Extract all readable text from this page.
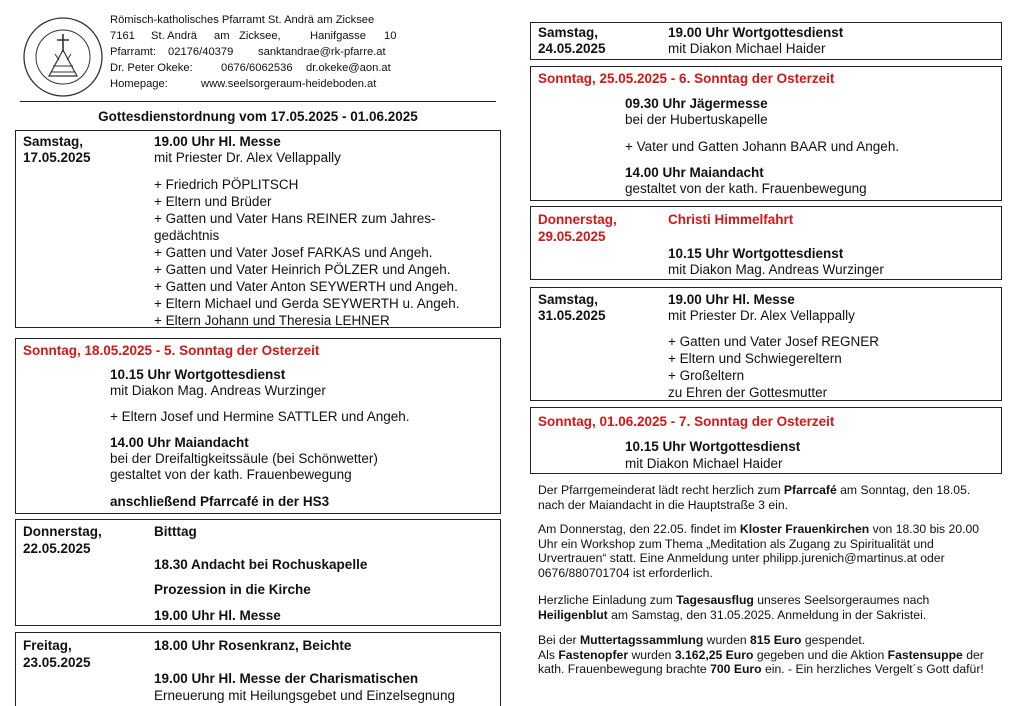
Römisch-katholisches Pfarramt St. Andrä am Zicksee
7161 St. Andrä am Zicksee,	Hanifgasse 10
Pfarramt: 02176/40379 sanktandrae@rk-pfarre.at
Dr. Peter Okeke:	0676/6062536 dr.okeke@aon.at
Homepage:	www.seelsorgeraum-heideboden.at
Gottesdienstordnung vom 17.05.2025 - 01.06.2025
Samstag,
17.05.2025
19.00 Uhr Hl. Messe
mit Priester Dr. Alex Vellappally
+ Friedrich PÖPLITSCH
+ Eltern und Brüder
+ Gatten und Vater Hans REINER zum Jahres-
gedächtnis
+ Gatten und Vater Josef FARKAS und Angeh.
+ Gatten und Vater Heinrich PÖLZER und Angeh.
+ Gatten und Vater Anton SEYWERTH und Angeh.
+ Eltern Michael und Gerda SEYWERTH u. Angeh.
+ Eltern Johann und Theresia LEHNER
Sonntag, 18.05.2025 - 5. Sonntag der Osterzeit
10.15 Uhr Wortgottesdienst
mit Diakon Mag. Andreas Wurzinger
+ Eltern Josef und Hermine SATTLER und Angeh.
14.00 Uhr Maiandacht
bei der Dreifaltigkeitssäule (bei Schönwetter)
gestaltet von der kath. Frauenbewegung
anschließend Pfarrcafé in der HS3
Donnerstag,
22.05.2025
Bitttag
18.30 Andacht bei Rochuskapelle
Prozession in die Kirche
19.00 Uhr Hl. Messe
Freitag,
23.05.2025
18.00 Uhr Rosenkranz, Beichte
19.00 Uhr Hl. Messe der Charismatischen
Erneuerung mit Heilungsgebet und Einzelsegnung
Samstag,
24.05.2025
19.00 Uhr Wortgottesdienst
mit Diakon Michael Haider
Sonntag, 25.05.2025 - 6. Sonntag der Osterzeit
09.30 Uhr Jägermesse
bei der Hubertuskapelle
+ Vater und Gatten Johann BAAR und Angeh.
14.00 Uhr Maiandacht
gestaltet von der kath. Frauenbewegung
Donnerstag,
29.05.2025
Christi Himmelfahrt
10.15 Uhr Wortgottesdienst
mit Diakon Mag. Andreas Wurzinger
Samstag,
31.05.2025
19.00 Uhr Hl. Messe
mit Priester Dr. Alex Vellappally
+ Gatten und Vater Josef REGNER
+ Eltern und Schwiegereltern
+ Großeltern
zu Ehren der Gottesmutter
Sonntag, 01.06.2025 - 7. Sonntag der Osterzeit
10.15 Uhr Wortgottesdienst
mit Diakon Michael Haider

Der Pfarrgemeinderat lädt recht herzlich zum Pfarrcafé am Sonntag, den 18.05. nach der Maiandacht in die Hauptstraße 3 ein.

Am Donnerstag, den 22.05. findet im Kloster Frauenkirchen von 18.30 bis 20.00 Uhr ein Workshop zum Thema „Meditation als Zugang zu Spiritualität und Urvertrauen“ statt. Eine Anmeldung unter philipp.jurenich@martinus.at oder 0676/880701704 ist erforderlich.

Herzliche Einladung zum Tagesausflug unseres Seelsorgeraumes nach Heiligenblut am Samstag, den 31.05.2025. Anmeldung in der Sakristei.

Bei der Muttertagssammlung wurden 815 Euro gespendet.

Als Fastenopfer wurden 3.162,25 Euro gegeben und die Aktion Fastensuppe der kath. Frauenbewegung brachte 700 Euro ein. - Ein herzliches Vergelt´s Gott dafür!
